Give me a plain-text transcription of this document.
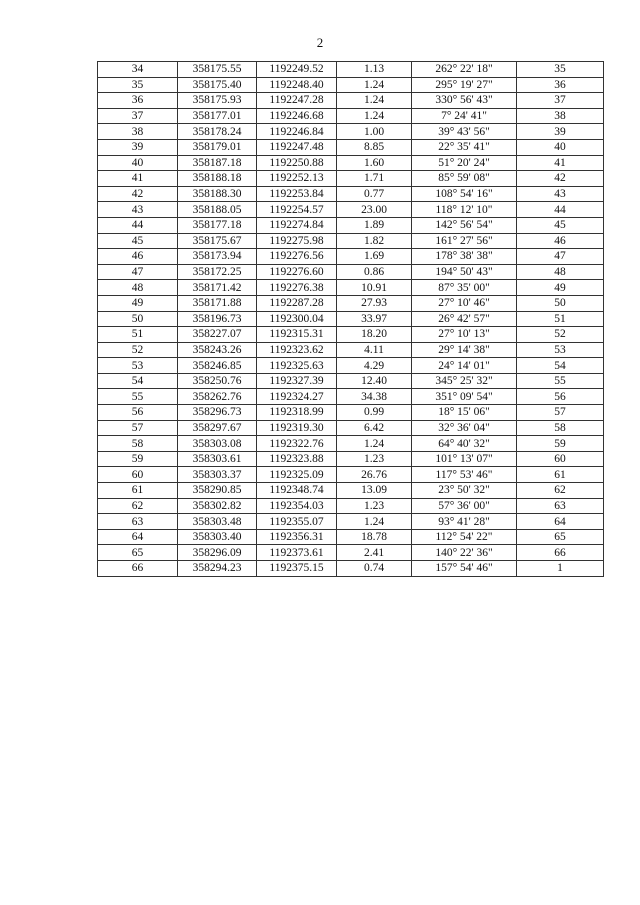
2
34	358175.55	1192249.52	1.13	262° 22' 18"	35
35	358175.40	1192248.40	1.24	295° 19' 27"	36
36	358175.93	1192247.28	1.24	330° 56' 43"	37
37	358177.01	1192246.68	1.24	7° 24' 41"	38
38	358178.24	1192246.84	1.00	39° 43' 56"	39
39	358179.01	1192247.48	8.85	22° 35' 41"	40
40	358187.18	1192250.88	1.60	51° 20' 24"	41
41	358188.18	1192252.13	1.71	85° 59' 08"	42
42	358188.30	1192253.84	0.77	108° 54' 16"	43
43	358188.05	1192254.57	23.00	118° 12' 10"	44
44	358177.18	1192274.84	1.89	142° 56' 54"	45
45	358175.67	1192275.98	1.82	161° 27' 56"	46
46	358173.94	1192276.56	1.69	178° 38' 38"	47
47	358172.25	1192276.60	0.86	194° 50' 43"	48
48	358171.42	1192276.38	10.91	87° 35' 00"	49
49	358171.88	1192287.28	27.93	27° 10' 46"	50
50	358196.73	1192300.04	33.97	26° 42' 57"	51
51	358227.07	1192315.31	18.20	27° 10' 13"	52
52	358243.26	1192323.62	4.11	29° 14' 38"	53
53	358246.85	1192325.63	4.29	24° 14' 01"	54
54	358250.76	1192327.39	12.40	345° 25' 32"	55
55	358262.76	1192324.27	34.38	351° 09' 54"	56
56	358296.73	1192318.99	0.99	18° 15' 06"	57
57	358297.67	1192319.30	6.42	32° 36' 04"	58
58	358303.08	1192322.76	1.24	64° 40' 32"	59
59	358303.61	1192323.88	1.23	101° 13' 07"	60
60	358303.37	1192325.09	26.76	117° 53' 46"	61
61	358290.85	1192348.74	13.09	23° 50' 32"	62
62	358302.82	1192354.03	1.23	57° 36' 00"	63
63	358303.48	1192355.07	1.24	93° 41' 28"	64
64	358303.40	1192356.31	18.78	112° 54' 22"	65
65	358296.09	1192373.61	2.41	140° 22' 36"	66
66	358294.23	1192375.15	0.74	157° 54' 46"	1
